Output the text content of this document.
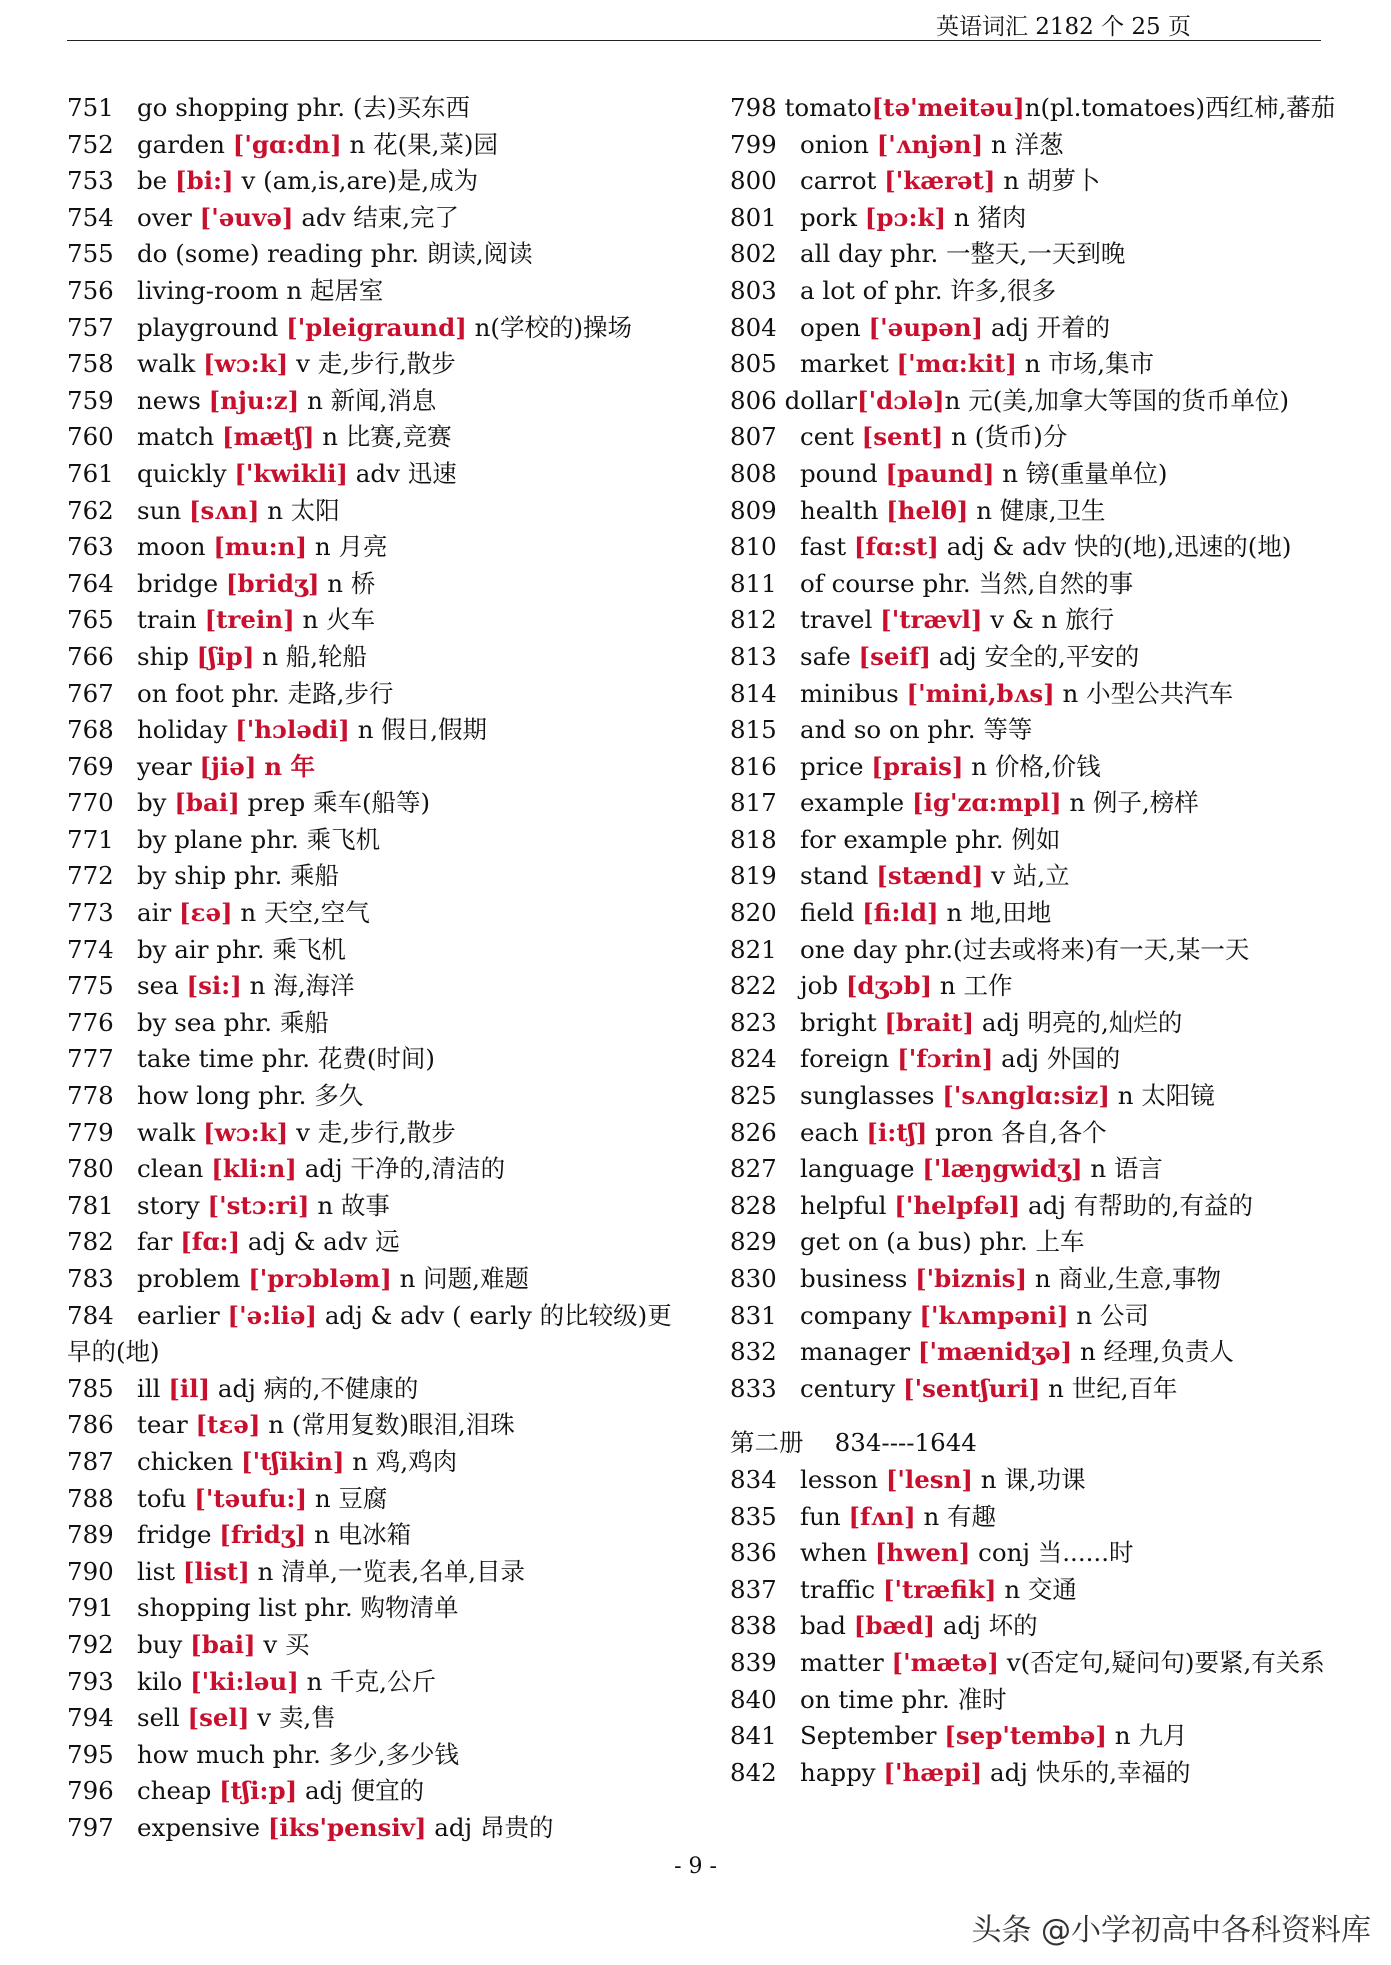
英语词汇 2182 个 25 页
751 go shopping phr. (去)买东西
752 garden ['gɑ:dn] n 花(果,菜)园
753 be [bi:] v (am,is,are)是,成为
754 over ['əuvə] adv 结束,完了
755 do (some) reading phr. 朗读,阅读
756 living-room n 起居室
757 playground ['pleigraund] n(学校的)操场
758 walk [wɔ:k] v 走,步行,散步
759 news [nju:z] n 新闻,消息
760 match [mætʃ] n 比赛,竞赛
761 quickly ['kwikli] adv 迅速
762 sun [sʌn] n 太阳
763 moon [mu:n] n 月亮
764 bridge [bridʒ] n 桥
765 train [trein] n 火车
766 ship [ʃip] n 船,轮船
767 on foot phr. 走路,步行
768 holiday ['hɔlədi] n 假日,假期
769 year [jiə] n 年
770 by [bai] prep 乘车(船等)
771 by plane phr. 乘飞机
772 by ship phr. 乘船
773 air [ɛə] n 天空,空气
774 by air phr. 乘飞机
775 sea [si:] n 海,海洋
776 by sea phr. 乘船
777 take time phr. 花费(时间)
778 how long phr. 多久
779 walk [wɔ:k] v 走,步行,散步
780 clean [kli:n] adj 干净的,清洁的
781 story ['stɔ:ri] n 故事
782 far [fɑ:] adj & adv 远
783 problem ['prɔbləm] n 问题,难题
784 earlier ['ə:liə] adj & adv ( early 的比较级)更早的(地)
785 ill [il] adj 病的,不健康的
786 tear [tɛə] n (常用复数)眼泪,泪珠
787 chicken ['tʃikin] n 鸡,鸡肉
788 tofu ['təufu:] n 豆腐
789 fridge [fridʒ] n 电冰箱
790 list [list] n 清单,一览表,名单,目录
791 shopping list phr. 购物清单
792 buy [bai] v 买
793 kilo ['ki:ləu] n 千克,公斤
794 sell [sel] v 卖,售
795 how much phr. 多少,多少钱
796 cheap [tʃi:p] adj 便宜的
797 expensive [iks'pensiv] adj 昂贵的
798 tomato[tə'meitəu]n(pl.tomatoes)西红柿,蕃茄
799 onion ['ʌnjən] n 洋葱
800 carrot ['kærət] n 胡萝卜
801 pork [pɔ:k] n 猪肉
802 all day phr. 一整天,一天到晚
803 a lot of phr. 许多,很多
804 open ['əupən] adj 开着的
805 market ['mɑ:kit] n 市场,集市
806 dollar['dɔlə]n 元(美,加拿大等国的货币单位)
807 cent [sent] n (货币)分
808 pound [paund] n 镑(重量单位)
809 health [helθ] n 健康,卫生
810 fast [fɑ:st] adj & adv 快的(地),迅速的(地)
811 of course phr. 当然,自然的事
812 travel ['trævl] v & n 旅行
813 safe [seif] adj 安全的,平安的
814 minibus ['mini,bʌs] n 小型公共汽车
815 and so on phr. 等等
816 price [prais] n 价格,价钱
817 example [ig'zɑ:mpl] n 例子,榜样
818 for example phr. 例如
819 stand [stænd] v 站,立
820 field [fi:ld] n 地,田地
821 one day phr.(过去或将来)有一天,某一天
822 job [dʒɔb] n 工作
823 bright [brait] adj 明亮的,灿烂的
824 foreign ['fɔrin] adj 外国的
825 sunglasses ['sʌnglɑ:siz] n 太阳镜
826 each [i:tʃ] pron 各自,各个
827 language ['læŋgwidʒ] n 语言
828 helpful ['helpfəl] adj 有帮助的,有益的
829 get on (a bus) phr. 上车
830 business ['biznis] n 商业,生意,事物
831 company ['kʌmpəni] n 公司
832 manager ['mænidʒə] n 经理,负责人
833 century ['sentʃuri] n 世纪,百年
第二册 834----1644
834 lesson ['lesn] n 课,功课
835 fun [fʌn] n 有趣
836 when [hwen] conj 当......时
837 traffic ['træfik] n 交通
838 bad [bæd] adj 坏的
839 matter ['mætə] v(否定句,疑问句)要紧,有关系
840 on time phr. 准时
841 September [sep'tembə] n 九月
842 happy ['hæpi] adj 快乐的,幸福的
- 9 -
头条 @小学初高中各科资料库
